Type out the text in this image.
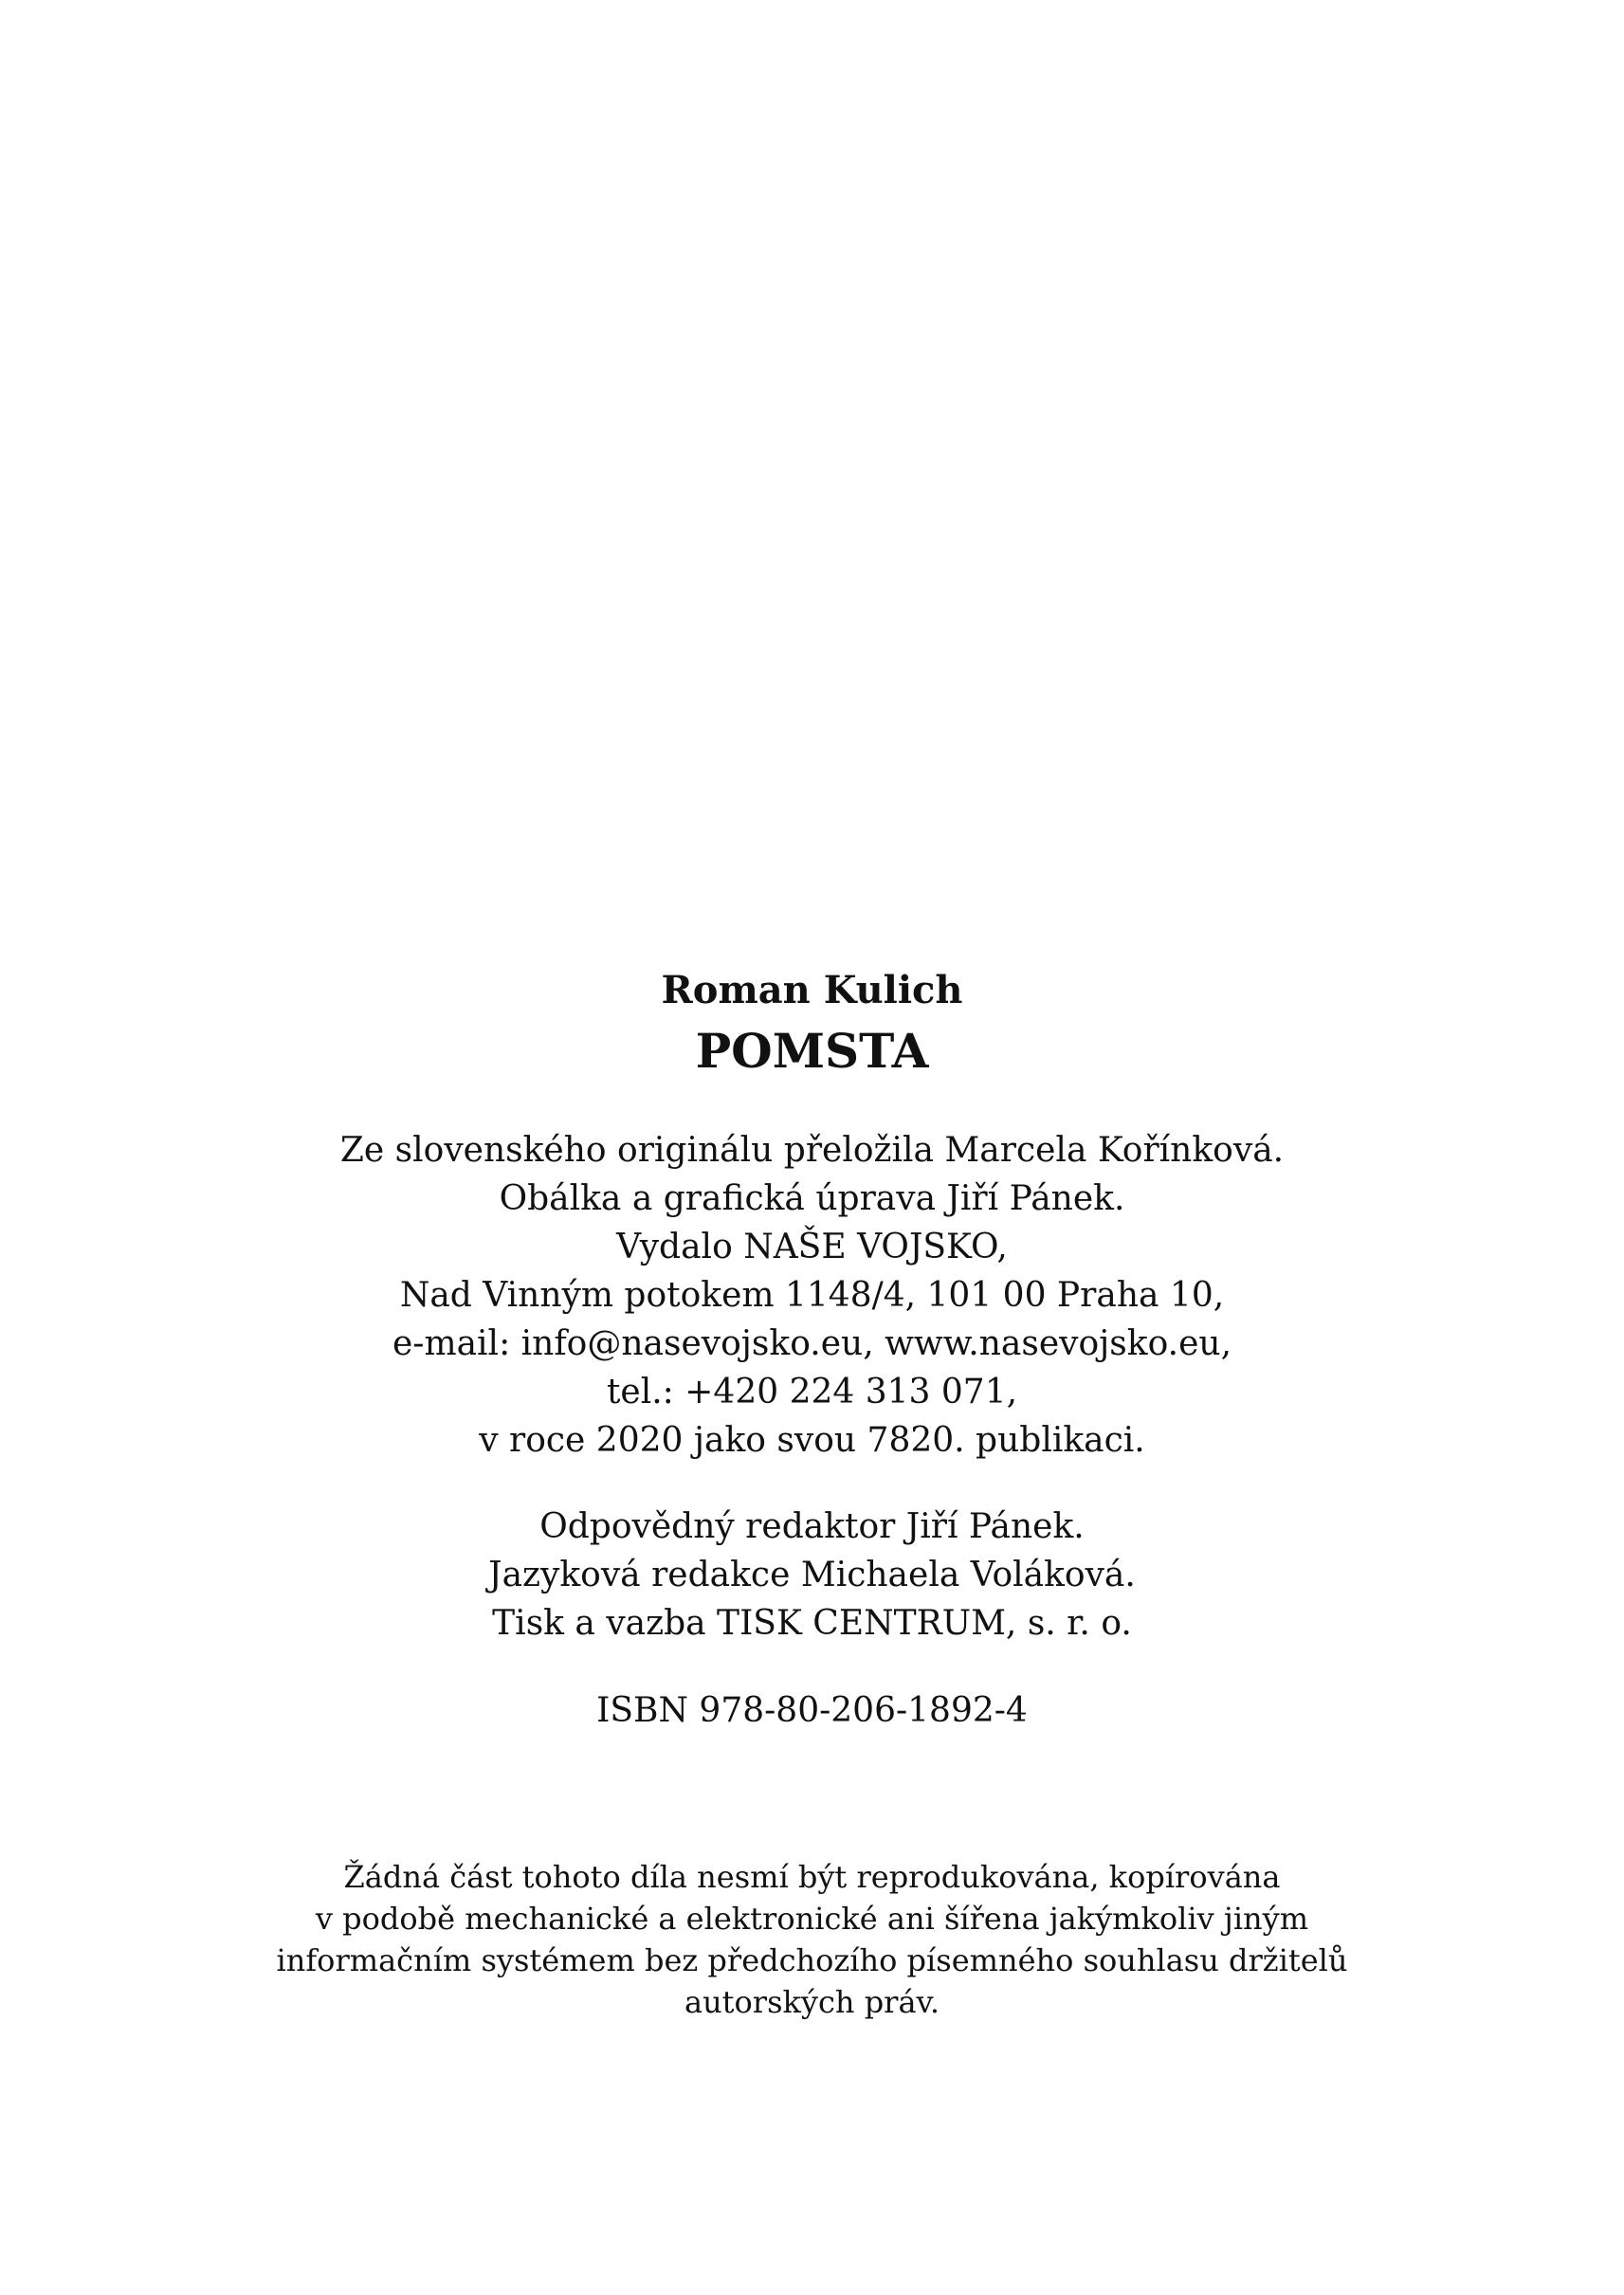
Roman Kulich
POMSTA
Ze slovenského originálu přeložila Marcela Kořínková.
Obálka a grafická úprava Jiří Pánek.
Vydalo NAŠE VOJSKO,
Nad Vinným potokem 1148/4, 101 00 Praha 10,
e-mail: info@nasevojsko.eu, www.nasevojsko.eu,
tel.: +420 224 313 071,
v roce 2020 jako svou 7820. publikaci.
Odpovědný redaktor Jiří Pánek.
Jazyková redakce Michaela Voláková.
Tisk a vazba TISK CENTRUM, s. r. o.
ISBN 978-80-206-1892-4
Žádná část tohoto díla nesmí být reprodukována, kopírována
v podobě mechanické a elektronické ani šířena jakýmkoliv jiným
informačním systémem bez předchozího písemného souhlasu držitelů
autorských práv.
